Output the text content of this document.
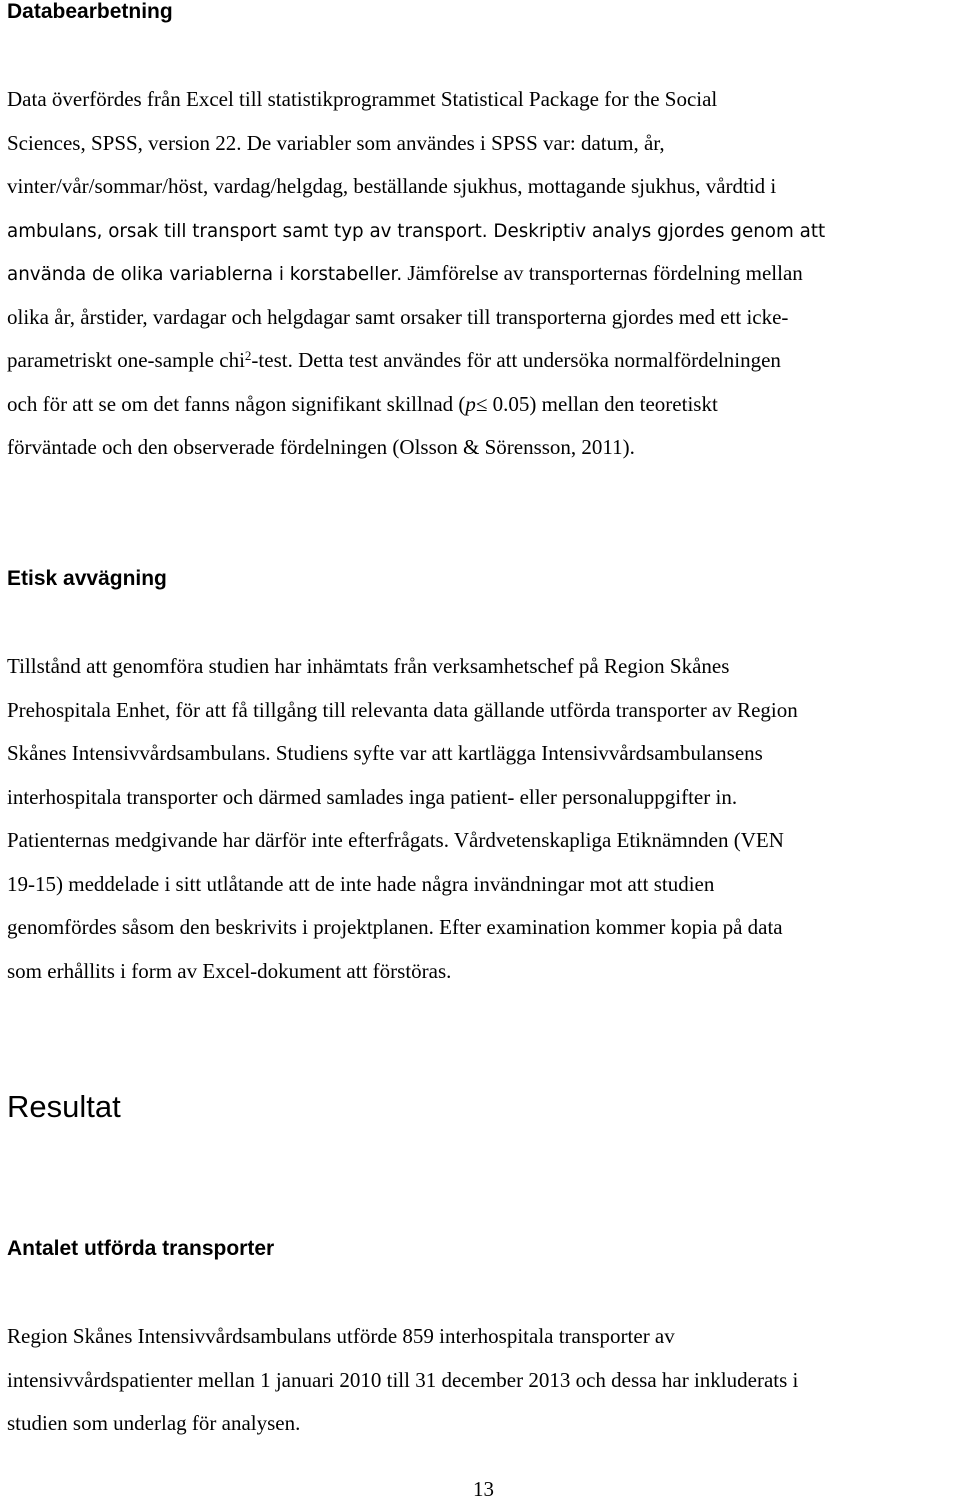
Databearbetning
Data överfördes från Excel till statistikprogrammet Statistical Package for the Social
Sciences, SPSS, version 22. De variabler som användes i SPSS var: datum, år,
vinter/vår/sommar/höst, vardag/helgdag, beställande sjukhus, mottagande sjukhus, vårdtid i
ambulans, orsak till transport samt typ av transport. Deskriptiv analys gjordes genom att
använda de olika variablerna i korstabeller. Jämförelse av transporternas fördelning mellan
olika år, årstider, vardagar och helgdagar samt orsaker till transporterna gjordes med ett icke-
parametriskt one-sample chi$^2$-test. Detta test användes för att undersöka normalfördelningen
och för att se om det fanns någon signifikant skillnad (p≤ 0.05) mellan den teoretiskt
förväntade och den observerade fördelningen (Olsson & Sörensson, 2011).
Etisk avvägning
Tillstånd att genomföra studien har inhämtats från verksamhetschef på Region Skånes
Prehospitala Enhet, för att få tillgång till relevanta data gällande utförda transporter av Region
Skånes Intensivvårdsambulans. Studiens syfte var att kartlägga Intensivvårdsambulansens
interhospitala transporter och därmed samlades inga patient- eller personaluppgifter in.
Patienternas medgivande har därför inte efterfrågats. Vårdvetenskapliga Etiknämnden (VEN
19-15) meddelade i sitt utlåtande att de inte hade några invändningar mot att studien
genomfördes såsom den beskrivits i projektplanen. Efter examination kommer kopia på data
som erhållits i form av Excel-dokument att förstöras.
Resultat
Antalet utförda transporter
Region Skånes Intensivvårdsambulans utförde 859 interhospitala transporter av
intensivvårdspatienter mellan 1 januari 2010 till 31 december 2013 och dessa har inkluderats i
studien som underlag för analysen.
13
